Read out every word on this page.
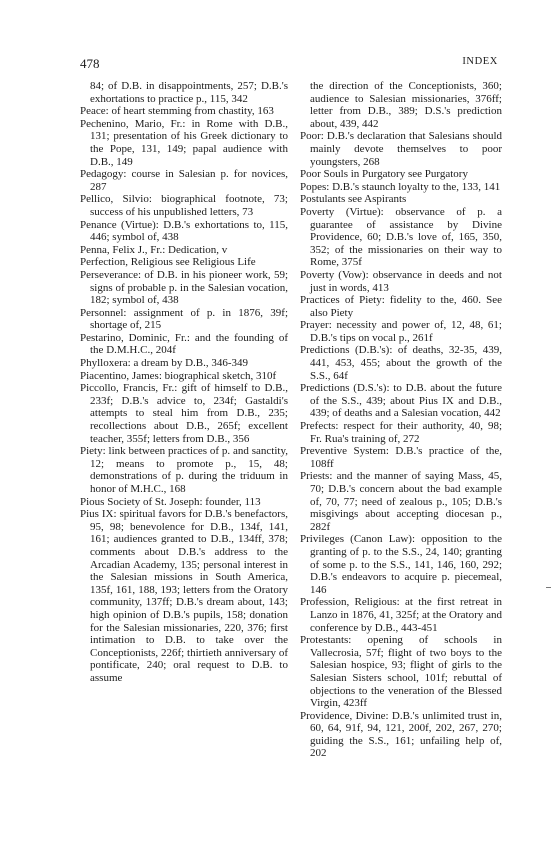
478	INDEX
84; of D.B. in disappointments, 257; D.B.'s exhortations to practice p., 115, 342
Peace: of heart stemming from chastity, 163
Pechenino, Mario, Fr.: in Rome with D.B., 131; presentation of his Greek dictionary to the Pope, 131, 149; papal audience with D.B., 149
Pedagogy: course in Salesian p. for novices, 287
Pellico, Silvio: biographical footnote, 73; success of his unpublished letters, 73
Penance (Virtue): D.B.'s exhortations to, 115, 446; symbol of, 438
Penna, Felix J., Fr.: Dedication, v
Perfection, Religious see Religious Life
Perseverance: of D.B. in his pioneer work, 59; signs of probable p. in the Salesian vocation, 182; symbol of, 438
Personnel: assignment of p. in 1876, 39f; shortage of, 215
Pestarino, Dominic, Fr.: and the founding of the D.M.H.C., 204f
Phylloxera: a dream by D.B., 346-349
Piacentino, James: biographical sketch, 310f
Piccollo, Francis, Fr.: gift of himself to D.B., 233f; D.B.'s advice to, 234f; Gastaldi's attempts to steal him from D.B., 235; recollections about D.B., 265f; excellent teacher, 355f; letters from D.B., 356
Piety: link between practices of p. and sanctity, 12; means to promote p., 15, 48; demonstrations of p. during the triduum in honor of M.H.C., 168
Pious Society of St. Joseph: founder, 113
Pius IX: spiritual favors for D.B.'s benefactors, 95, 98; benevolence for D.B., 134f, 141, 161; audiences granted to D.B., 134ff, 378; comments about D.B.'s address to the Arcadian Academy, 135; personal interest in the Salesian missions in South America, 135f, 161, 188, 193; letters from the Oratory community, 137ff; D.B.'s dream about, 143; high opinion of D.B.'s pupils, 158; donation for the Salesian missionaries, 220, 376; first intimation to D.B. to take over the Conceptionists, 226f; thirtieth anniversary of pontificate, 240; oral request to D.B. to assume
the direction of the Conceptionists, 360; audience to Salesian missionaries, 376ff; letter from D.B., 389; D.S.'s prediction about, 439, 442
Poor: D.B.'s declaration that Salesians should mainly devote themselves to poor youngsters, 268
Poor Souls in Purgatory see Purgatory
Popes: D.B.'s staunch loyalty to the, 133, 141
Postulants see Aspirants
Poverty (Virtue): observance of p. a guarantee of assistance by Divine Providence, 60; D.B.'s love of, 165, 350, 352; of the missionaries on their way to Rome, 375f
Poverty (Vow): observance in deeds and not just in words, 413
Practices of Piety: fidelity to the, 460. See also Piety
Prayer: necessity and power of, 12, 48, 61; D.B.'s tips on vocal p., 261f
Predictions (D.B.'s): of deaths, 32-35, 439, 441, 453, 455; about the growth of the S.S., 64f
Predictions (D.S.'s): to D.B. about the future of the S.S., 439; about Pius IX and D.B., 439; of deaths and a Salesian vocation, 442
Prefects: respect for their authority, 40, 98; Fr. Rua's training of, 272
Preventive System: D.B.'s practice of the, 108ff
Priests: and the manner of saying Mass, 45, 70; D.B.'s concern about the bad example of, 70, 77; need of zealous p., 105; D.B.'s misgivings about accepting diocesan p., 282f
Privileges (Canon Law): opposition to the granting of p. to the S.S., 24, 140; granting of some p. to the S.S., 141, 146, 160, 292; D.B.'s endeavors to acquire p. piecemeal, 146
Profession, Religious: at the first retreat in Lanzo in 1876, 41, 325f; at the Oratory and conference by D.B., 443-451
Protestants: opening of schools in Vallecrosia, 57f; flight of two boys to the Salesian hospice, 93; flight of girls to the Salesian Sisters school, 101f; rebuttal of objections to the veneration of the Blessed Virgin, 423ff
Providence, Divine: D.B.'s unlimited trust in, 60, 64, 91f, 94, 121, 200f, 202, 267, 270; guiding the S.S., 161; unfailing help of, 202
